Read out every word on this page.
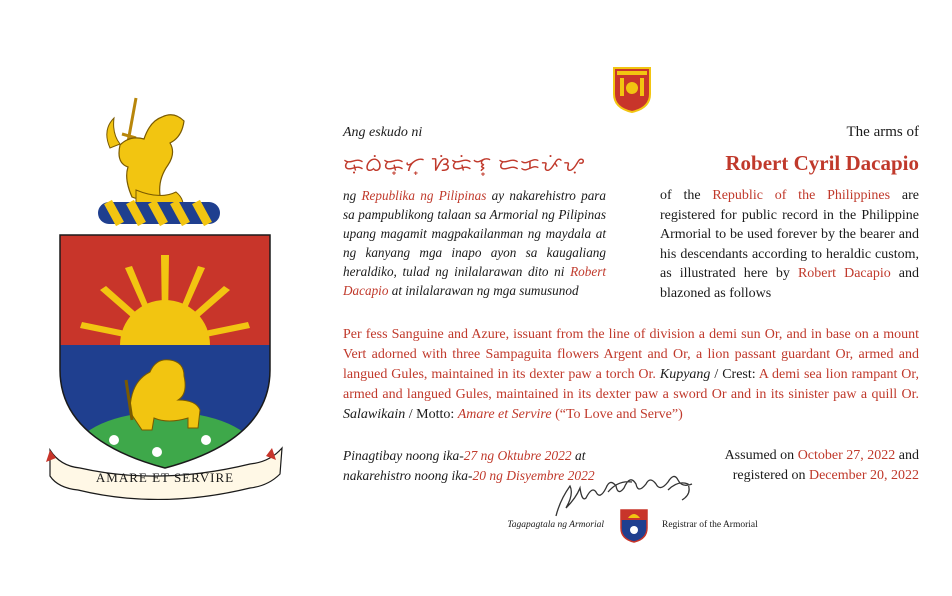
AMARE ET SERVIRE
Ang eskudo ni	The arms of
ᜍᜓᜊᜒᜍ᜔ᜆ᜔ ᜐᜒᜍᜒᜎ᜔ ᜇᜃᜉᜒᜌᜓ	Robert Cyril Dacapio
ng Republika ng Pilipinas ay nakarehistro para sa pampublikong talaan sa Armorial ng Pilipinas upang magamit magpakailanman ng maydala at ng kanyang mga inapo ayon sa kaugaliang heraldiko, tulad ng inilalarawan dito ni Robert Dacapio at inilalarawan ng mga sumusunod
of the Republic of the Philippines are registered for public record in the Philippine Armorial to be used forever by the bearer and his descendants according to heraldic custom, as illustrated here by Robert Dacapio and blazoned as follows
Per fess Sanguine and Azure, issuant from the line of division a demi sun Or, and in base on a mount Vert adorned with three Sampaguita flowers Argent and Or, a lion passant guardant Or, armed and langued Gules, maintained in its dexter paw a torch Or. Kupyang / Crest: A demi sea lion rampant Or, armed and langued Gules, maintained in its dexter paw a sword Or and in its sinister paw a quill Or. Salawikain / Motto: Amare et Servire (“To Love and Serve”)
Pinagtibay noong ika-27 ng Oktubre 2022 at
nakarehistro noong ika-20 ng Disyembre 2022
Assumed on October 27, 2022 and
registered on December 20, 2022
Tagapagtala ng Armorial	Registrar of the Armorial
